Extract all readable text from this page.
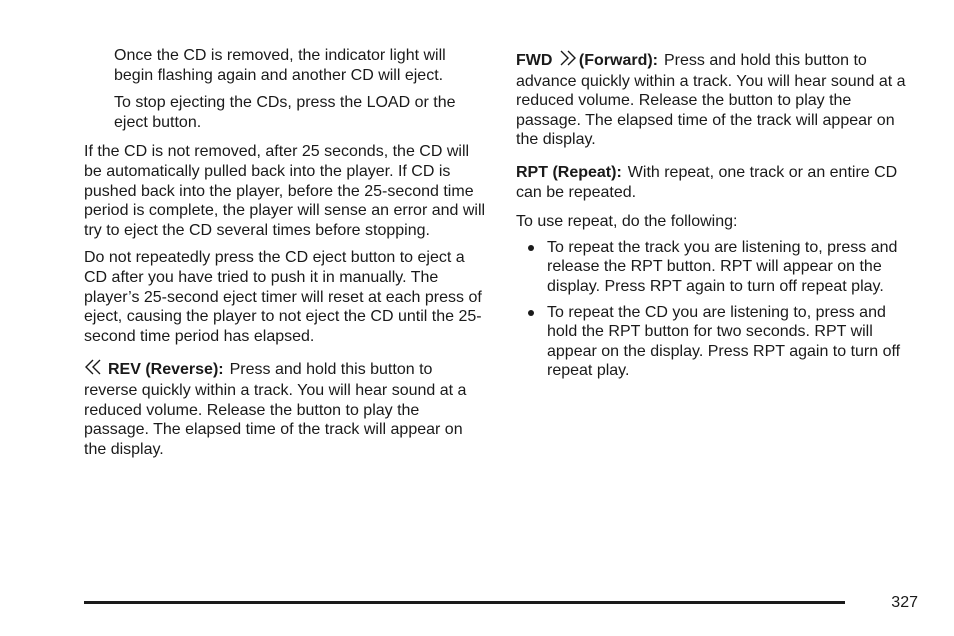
Once the CD is removed, the indicator light will begin flashing again and another CD will eject.

To stop ejecting the CDs, press the LOAD or the eject button.

If the CD is not removed, after 25 seconds, the CD will be automatically pulled back into the player. If CD is pushed back into the player, before the 25-second time period is complete, the player will sense an error and will try to eject the CD several times before stopping.

Do not repeatedly press the CD eject button to eject a CD after you have tried to push it in manually. The player’s 25-second eject timer will reset at each press of eject, causing the player to not eject the CD until the 25-second time period has elapsed.

REV (Reverse): Press and hold this button to reverse quickly within a track. You will hear sound at a reduced volume. Release the button to play the passage. The elapsed time of the track will appear on the display.

FWD (Forward): Press and hold this button to advance quickly within a track. You will hear sound at a reduced volume. Release the button to play the passage. The elapsed time of the track will appear on the display.

RPT (Repeat): With repeat, one track or an entire CD can be repeated.

To use repeat, do the following:

To repeat the track you are listening to, press and release the RPT button. RPT will appear on the display. Press RPT again to turn off repeat play.
To repeat the CD you are listening to, press and hold the RPT button for two seconds. RPT will appear on the display. Press RPT again to turn off repeat play.
327
